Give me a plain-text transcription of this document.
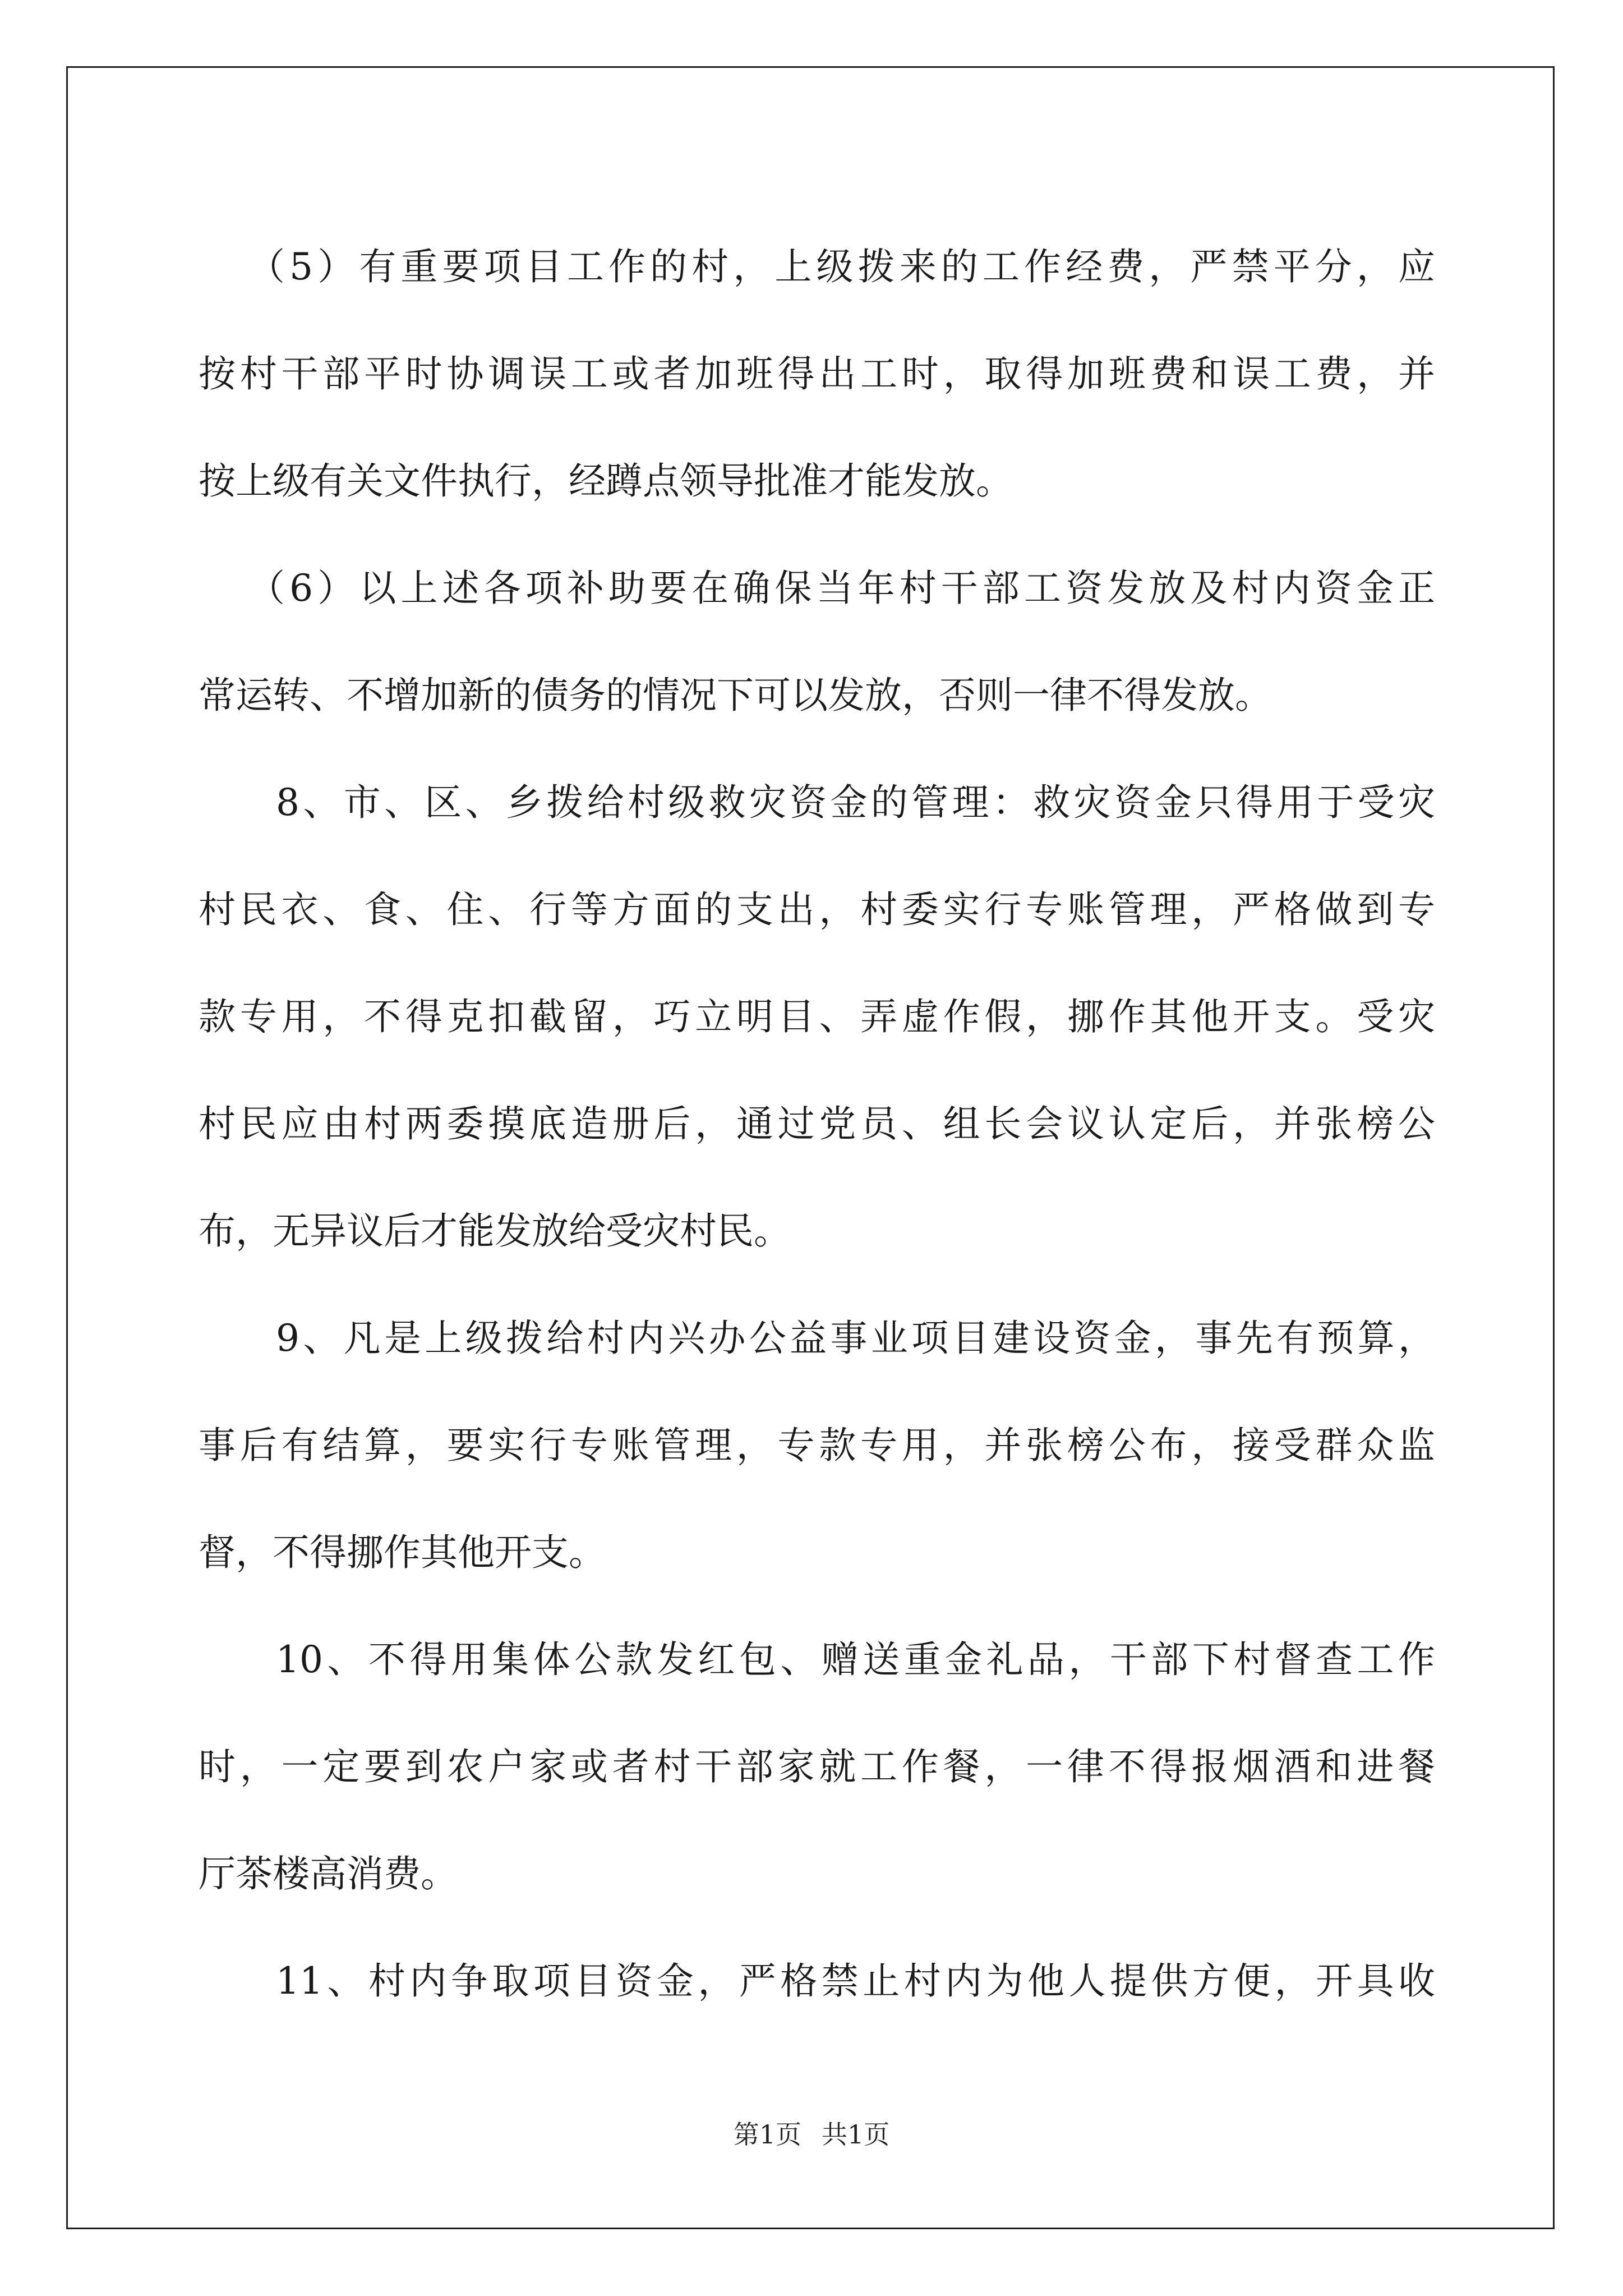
（5）有重要项目工作的村，上级拨来的工作经费，严禁平分，应
按村干部平时协调误工或者加班得出工时，取得加班费和误工费，并
按上级有关文件执行，经蹲点领导批准才能发放。
（6）以上述各项补助要在确保当年村干部工资发放及村内资金正
常运转、不增加新的债务的情况下可以发放，否则一律不得发放。
8、市、区、乡拨给村级救灾资金的管理：救灾资金只得用于受灾
村民衣、食、住、行等方面的支出，村委实行专账管理，严格做到专
款专用，不得克扣截留，巧立明目、弄虚作假，挪作其他开支。受灾
村民应由村两委摸底造册后，通过党员、组长会议认定后，并张榜公
布，无异议后才能发放给受灾村民。
9、凡是上级拨给村内兴办公益事业项目建设资金，事先有预算，
事后有结算，要实行专账管理，专款专用，并张榜公布，接受群众监
督，不得挪作其他开支。
10、不得用集体公款发红包、赠送重金礼品，干部下村督查工作
时，一定要到农户家或者村干部家就工作餐，一律不得报烟酒和进餐
厅茶楼高消费。
11、村内争取项目资金，严格禁止村内为他人提供方便，开具收
第1页 共1页
